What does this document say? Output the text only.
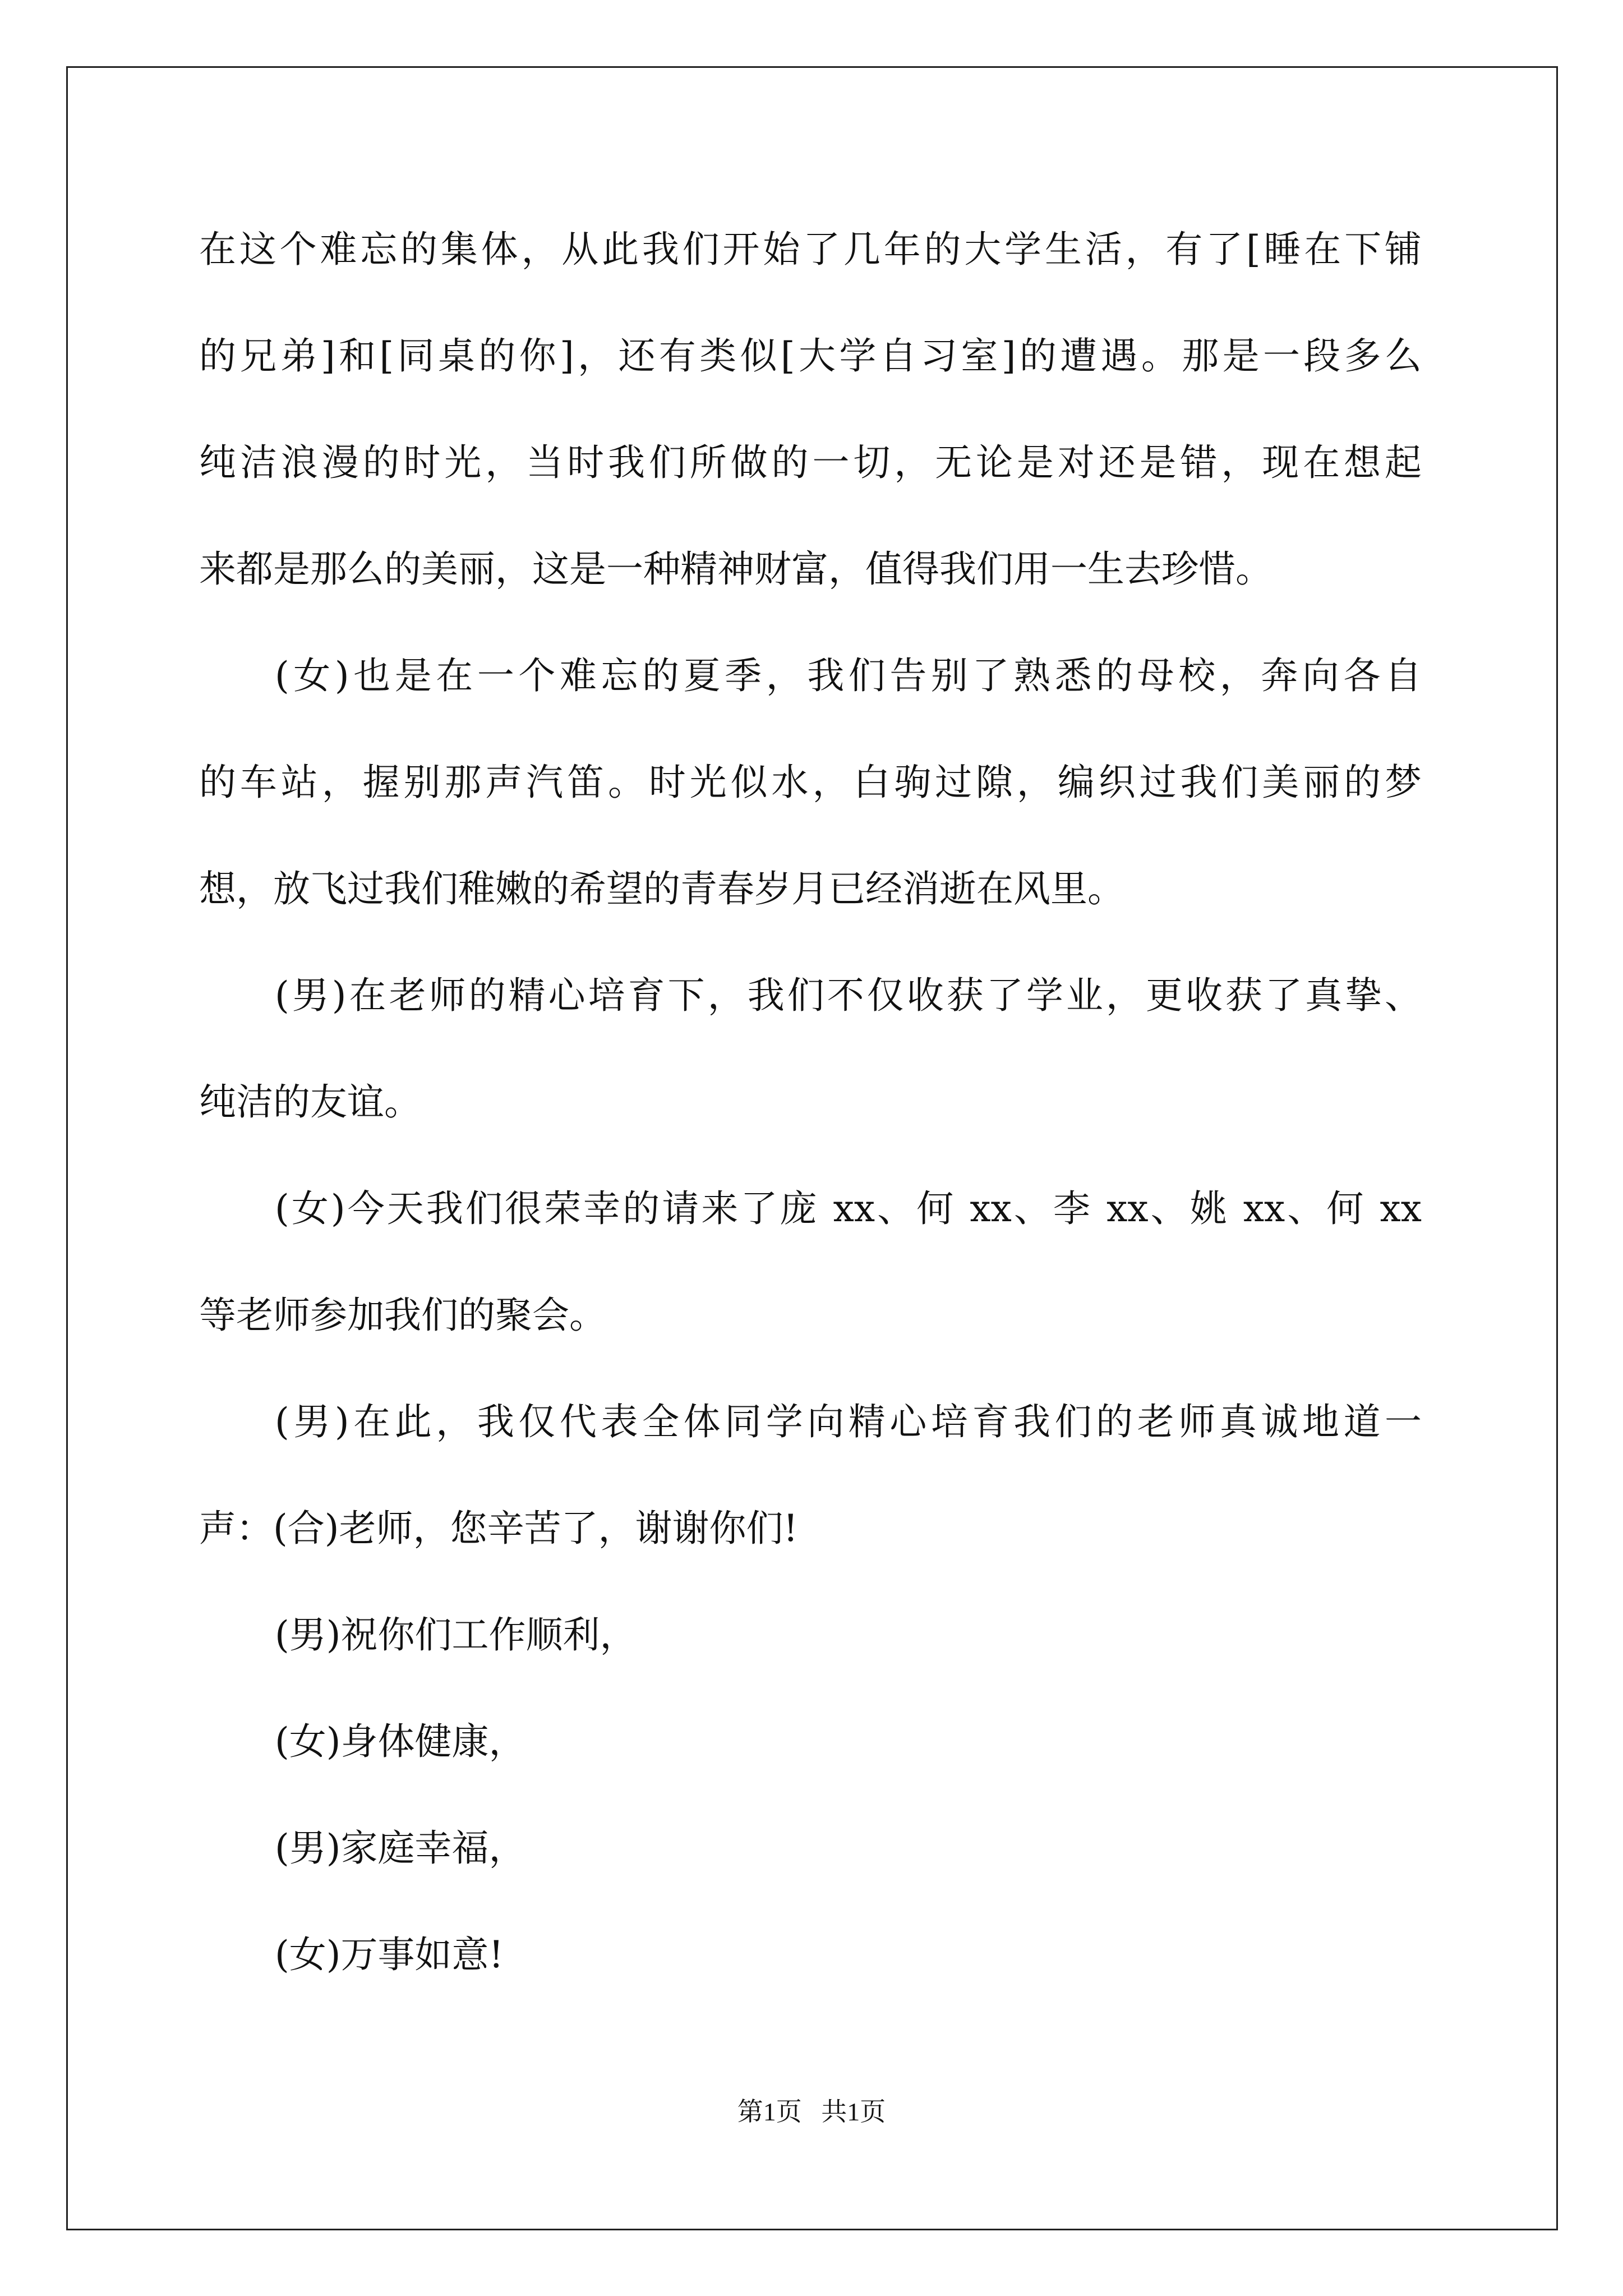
在这个难忘的集体，从此我们开始了几年的大学生活，有了[睡在下铺
的兄弟]和[同桌的你]，还有类似[大学自习室]的遭遇。那是一段多么
纯洁浪漫的时光，当时我们所做的一切，无论是对还是错，现在想起
来都是那么的美丽，这是一种精神财富，值得我们用一生去珍惜。
(女)也是在一个难忘的夏季，我们告别了熟悉的母校，奔向各自
的车站，握别那声汽笛。时光似水，白驹过隙，编织过我们美丽的梦
想，放飞过我们稚嫩的希望的青春岁月已经消逝在风里。
(男)在老师的精心培育下，我们不仅收获了学业，更收获了真挚、
纯洁的友谊。
(女)今天我们很荣幸的请来了庞 xx、何 xx、李 xx、姚 xx、何 xx
等老师参加我们的聚会。
(男)在此，我仅代表全体同学向精心培育我们的老师真诚地道一
声：(合)老师，您辛苦了，谢谢你们!
(男)祝你们工作顺利，
(女)身体健康，
(男)家庭幸福，
(女)万事如意!
第1页   共1页
